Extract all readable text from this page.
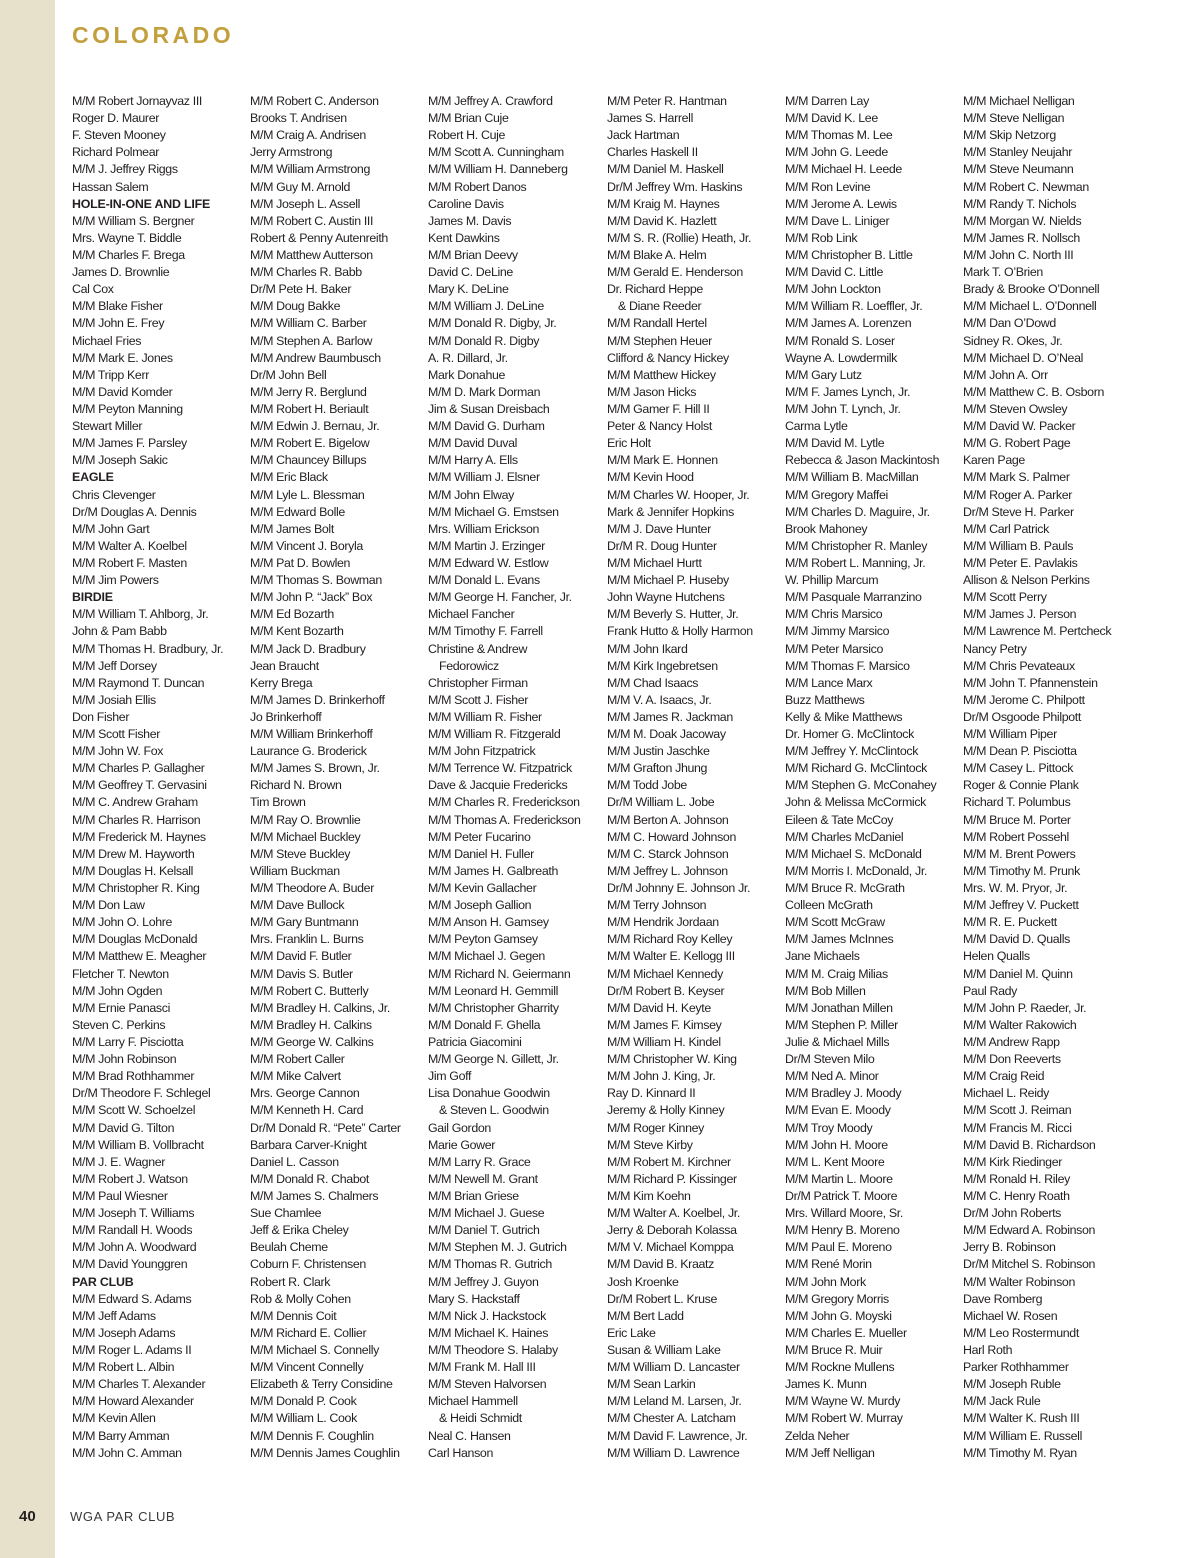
COLORADO
M/M Robert Jornayvaz III
Roger D. Maurer
F. Steven Mooney
Richard Polmear
M/M J. Jeffrey Riggs
Hassan Salem
HOLE-IN-ONE AND LIFE
M/M William S. Bergner
Mrs. Wayne T. Biddle
M/M Charles F. Brega
James D. Brownlie
Cal Cox
M/M Blake Fisher
M/M John E. Frey
Michael Fries
M/M Mark E. Jones
M/M Tripp Kerr
M/M David Komder
M/M Peyton Manning
Stewart Miller
M/M James F. Parsley
M/M Joseph Sakic
EAGLE
Chris Clevenger
Dr/M Douglas A. Dennis
M/M John Gart
M/M Walter A. Koelbel
M/M Robert F. Masten
M/M Jim Powers
BIRDIE
M/M William T. Ahlborg, Jr.
John & Pam Babb
M/M Thomas H. Bradbury, Jr.
M/M Jeff Dorsey
M/M Raymond T. Duncan
M/M Josiah Ellis
Don Fisher
M/M Scott Fisher
M/M John W. Fox
M/M Charles P. Gallagher
M/M Geoffrey T. Gervasini
M/M C. Andrew Graham
M/M Charles R. Harrison
M/M Frederick M. Haynes
M/M Drew M. Hayworth
M/M Douglas H. Kelsall
M/M Christopher R. King
M/M Don Law
M/M John O. Lohre
M/M Douglas McDonald
M/M Matthew E. Meagher
Fletcher T. Newton
M/M John Ogden
M/M Ernie Panasci
Steven C. Perkins
M/M Larry F. Pisciotta
M/M John Robinson
M/M Brad Rothhammer
Dr/M Theodore F. Schlegel
M/M Scott W. Schoelzel
M/M David G. Tilton
M/M William B. Vollbracht
M/M J. E. Wagner
M/M Robert J. Watson
M/M Paul Wiesner
M/M Joseph T. Williams
M/M Randall H. Woods
M/M John A. Woodward
M/M David Younggren
PAR CLUB
M/M Edward S. Adams
M/M Jeff Adams
M/M Joseph Adams
M/M Roger L. Adams II
M/M Robert L. Albin
M/M Charles T. Alexander
M/M Howard Alexander
M/M Kevin Allen
M/M Barry Amman
M/M John C. Amman
M/M Robert C. Anderson
Brooks T. Andrisen
M/M Craig A. Andrisen
Jerry Armstrong
M/M William Armstrong
M/M Guy M. Arnold
M/M Joseph L. Assell
M/M Robert C. Austin III
Robert & Penny Autenreith
M/M Matthew Autterson
M/M Charles R. Babb
Dr/M Pete H. Baker
M/M Doug Bakke
M/M William C. Barber
M/M Stephen A. Barlow
M/M Andrew Baumbusch
Dr/M John Bell
M/M Jerry R. Berglund
M/M Robert H. Beriault
M/M Edwin J. Bernau, Jr.
M/M Robert E. Bigelow
M/M Chauncey Billups
M/M Eric Black
M/M Lyle L. Blessman
M/M Edward Bolle
M/M James Bolt
M/M Vincent J. Boryla
M/M Pat D. Bowlen
M/M Thomas S. Bowman
M/M John P. “Jack” Box
M/M Ed Bozarth
M/M Kent Bozarth
M/M Jack D. Bradbury
Jean Braucht
Kerry Brega
M/M James D. Brinkerhoff
Jo Brinkerhoff
M/M William Brinkerhoff
Laurance G. Broderick
M/M James S. Brown, Jr.
Richard N. Brown
Tim Brown
M/M Ray O. Brownlie
M/M Michael Buckley
M/M Steve Buckley
William Buckman
M/M Theodore A. Buder
M/M Dave Bullock
M/M Gary Buntmann
Mrs. Franklin L. Burns
M/M David F. Butler
M/M Davis S. Butler
M/M Robert C. Butterly
M/M Bradley H. Calkins, Jr.
M/M Bradley H. Calkins
M/M George W. Calkins
M/M Robert Caller
M/M Mike Calvert
Mrs. George Cannon
M/M Kenneth H. Card
Dr/M Donald R. “Pete” Carter
Barbara Carver-Knight
Daniel L. Casson
M/M Donald R. Chabot
M/M James S. Chalmers
Sue Chamlee
Jeff & Erika Cheley
Beulah Cheme
Coburn F. Christensen
Robert R. Clark
Rob & Molly Cohen
M/M Dennis Coit
M/M Richard E. Collier
M/M Michael S. Connelly
M/M Vincent Connelly
Elizabeth & Terry Considine
M/M Donald P. Cook
M/M William L. Cook
M/M Dennis F. Coughlin
M/M Dennis James Coughlin
M/M Jeffrey A. Crawford
M/M Brian Cuje
Robert H. Cuje
M/M Scott A. Cunningham
M/M William H. Danneberg
M/M Robert Danos
Caroline Davis
James M. Davis
Kent Dawkins
M/M Brian Deevy
David C. DeLine
Mary K. DeLine
M/M William J. DeLine
M/M Donald R. Digby, Jr.
M/M Donald R. Digby
A. R. Dillard, Jr.
Mark Donahue
M/M D. Mark Dorman
Jim & Susan Dreisbach
M/M David G. Durham
M/M David Duval
M/M Harry A. Ells
M/M William J. Elsner
M/M John Elway
M/M Michael G. Emstsen
Mrs. William Erickson
M/M Martin J. Erzinger
M/M Edward W. Estlow
M/M Donald L. Evans
M/M George H. Fancher, Jr.
Michael Fancher
M/M Timothy F. Farrell
Christine & Andrew
Fedorowicz
Christopher Firman
M/M Scott J. Fisher
M/M William R. Fisher
M/M William R. Fitzgerald
M/M John Fitzpatrick
M/M Terrence W. Fitzpatrick
Dave & Jacquie Fredericks
M/M Charles R. Frederickson
M/M Thomas A. Frederickson
M/M Peter Fucarino
M/M Daniel H. Fuller
M/M James H. Galbreath
M/M Kevin Gallacher
M/M Joseph Gallion
M/M Anson H. Gamsey
M/M Peyton Gamsey
M/M Michael J. Gegen
M/M Richard N. Geiermann
M/M Leonard H. Gemmill
M/M Christopher Gharrity
M/M Donald F. Ghella
Patricia Giacomini
M/M George N. Gillett, Jr.
Jim Goff
Lisa Donahue Goodwin
& Steven L. Goodwin
Gail Gordon
Marie Gower
M/M Larry R. Grace
M/M Newell M. Grant
M/M Brian Griese
M/M Michael J. Guese
M/M Daniel T. Gutrich
M/M Stephen M. J. Gutrich
M/M Thomas R. Gutrich
M/M Jeffrey J. Guyon
Mary S. Hackstaff
M/M Nick J. Hackstock
M/M Michael K. Haines
M/M Theodore S. Halaby
M/M Frank M. Hall III
M/M Steven Halvorsen
Michael Hammell
& Heidi Schmidt
Neal C. Hansen
Carl Hanson
M/M Peter R. Hantman
James S. Harrell
Jack Hartman
Charles Haskell II
M/M Daniel M. Haskell
Dr/M Jeffrey Wm. Haskins
M/M Kraig M. Haynes
M/M David K. Hazlett
M/M S. R. (Rollie) Heath, Jr.
M/M Blake A. Helm
M/M Gerald E. Henderson
Dr. Richard Heppe
& Diane Reeder
M/M Randall Hertel
M/M Stephen Heuer
Clifford & Nancy Hickey
M/M Matthew Hickey
M/M Jason Hicks
M/M Gamer F. Hill II
Peter & Nancy Holst
Eric Holt
M/M Mark E. Honnen
M/M Kevin Hood
M/M Charles W. Hooper, Jr.
Mark & Jennifer Hopkins
M/M J. Dave Hunter
Dr/M R. Doug Hunter
M/M Michael Hurtt
M/M Michael P. Huseby
John Wayne Hutchens
M/M Beverly S. Hutter, Jr.
Frank Hutto & Holly Harmon
M/M John Ikard
M/M Kirk Ingebretsen
M/M Chad Isaacs
M/M V. A. Isaacs, Jr.
M/M James R. Jackman
M/M M. Doak Jacoway
M/M Justin Jaschke
M/M Grafton Jhung
M/M Todd Jobe
Dr/M William L. Jobe
M/M Berton A. Johnson
M/M C. Howard Johnson
M/M C. Starck Johnson
M/M Jeffrey L. Johnson
Dr/M Johnny E. Johnson Jr.
M/M Terry Johnson
M/M Hendrik Jordaan
M/M Richard Roy Kelley
M/M Walter E. Kellogg III
M/M Michael Kennedy
Dr/M Robert B. Keyser
M/M David H. Keyte
M/M James F. Kimsey
M/M William H. Kindel
M/M Christopher W. King
M/M John J. King, Jr.
Ray D. Kinnard II
Jeremy & Holly Kinney
M/M Roger Kinney
M/M Steve Kirby
M/M Robert M. Kirchner
M/M Richard P. Kissinger
M/M Kim Koehn
M/M Walter A. Koelbel, Jr.
Jerry & Deborah Kolassa
M/M V. Michael Komppa
M/M David B. Kraatz
Josh Kroenke
Dr/M Robert L. Kruse
M/M Bert Ladd
Eric Lake
Susan & William Lake
M/M William D. Lancaster
M/M Sean Larkin
M/M Leland M. Larsen, Jr.
M/M Chester A. Latcham
M/M David F. Lawrence, Jr.
M/M William D. Lawrence
M/M Darren Lay
M/M David K. Lee
M/M Thomas M. Lee
M/M John G. Leede
M/M Michael H. Leede
M/M Ron Levine
M/M Jerome A. Lewis
M/M Dave L. Liniger
M/M Rob Link
M/M Christopher B. Little
M/M David C. Little
M/M John Lockton
M/M William R. Loeffler, Jr.
M/M James A. Lorenzen
M/M Ronald S. Loser
Wayne A. Lowdermilk
M/M Gary Lutz
M/M F. James Lynch, Jr.
M/M John T. Lynch, Jr.
Carma Lytle
M/M David M. Lytle
Rebecca & Jason Mackintosh
M/M William B. MacMillan
M/M Gregory Maffei
M/M Charles D. Maguire, Jr.
Brook Mahoney
M/M Christopher R. Manley
M/M Robert L. Manning, Jr.
W. Phillip Marcum
M/M Pasquale Marranzino
M/M Chris Marsico
M/M Jimmy Marsico
M/M Peter Marsico
M/M Thomas F. Marsico
M/M Lance Marx
Buzz Matthews
Kelly & Mike Matthews
Dr. Homer G. McClintock
M/M Jeffrey Y. McClintock
M/M Richard G. McClintock
M/M Stephen G. McConahey
John & Melissa McCormick
Eileen & Tate McCoy
M/M Charles McDaniel
M/M Michael S. McDonald
M/M Morris I. McDonald, Jr.
M/M Bruce R. McGrath
Colleen McGrath
M/M Scott McGraw
M/M James McInnes
Jane Michaels
M/M M. Craig Milias
M/M Bob Millen
M/M Jonathan Millen
M/M Stephen P. Miller
Julie & Michael Mills
Dr/M Steven Milo
M/M Ned A. Minor
M/M Bradley J. Moody
M/M Evan E. Moody
M/M Troy Moody
M/M John H. Moore
M/M L. Kent Moore
M/M Martin L. Moore
Dr/M Patrick T. Moore
Mrs. Willard Moore, Sr.
M/M Henry B. Moreno
M/M Paul E. Moreno
M/M René Morin
M/M John Mork
M/M Gregory Morris
M/M John G. Moyski
M/M Charles E. Mueller
M/M Bruce R. Muir
M/M Rockne Mullens
James K. Munn
M/M Wayne W. Murdy
M/M Robert W. Murray
Zelda Neher
M/M Jeff Nelligan
M/M Michael Nelligan
M/M Steve Nelligan
M/M Skip Netzorg
M/M Stanley Neujahr
M/M Steve Neumann
M/M Robert C. Newman
M/M Randy T. Nichols
M/M Morgan W. Nields
M/M James R. Nollsch
M/M John C. North III
Mark T. O’Brien
Brady & Brooke O’Donnell
M/M Michael L. O’Donnell
M/M Dan O’Dowd
Sidney R. Okes, Jr.
M/M Michael D. O’Neal
M/M John A. Orr
M/M Matthew C. B. Osborn
M/M Steven Owsley
M/M David W. Packer
M/M G. Robert Page
Karen Page
M/M Mark S. Palmer
M/M Roger A. Parker
Dr/M Steve H. Parker
M/M Carl Patrick
M/M William B. Pauls
M/M Peter E. Pavlakis
Allison & Nelson Perkins
M/M Scott Perry
M/M James J. Person
M/M Lawrence M. Pertcheck
Nancy Petry
M/M Chris Pevateaux
M/M John T. Pfannenstein
M/M Jerome C. Philpott
Dr/M Osgoode Philpott
M/M William Piper
M/M Dean P. Pisciotta
M/M Casey L. Pittock
Roger & Connie Plank
Richard T. Polumbus
M/M Bruce M. Porter
M/M Robert Possehl
M/M M. Brent Powers
M/M Timothy M. Prunk
Mrs. W. M. Pryor, Jr.
M/M Jeffrey V. Puckett
M/M R. E. Puckett
M/M David D. Qualls
Helen Qualls
M/M Daniel M. Quinn
Paul Rady
M/M John P. Raeder, Jr.
M/M Walter Rakowich
M/M Andrew Rapp
M/M Don Reeverts
M/M Craig Reid
Michael L. Reidy
M/M Scott J. Reiman
M/M Francis M. Ricci
M/M David B. Richardson
M/M Kirk Riedinger
M/M Ronald H. Riley
M/M C. Henry Roath
Dr/M John Roberts
M/M Edward A. Robinson
Jerry B. Robinson
Dr/M Mitchel S. Robinson
M/M Walter Robinson
Dave Romberg
Michael W. Rosen
M/M Leo Rostermundt
Harl Roth
Parker Rothhammer
M/M Joseph Ruble
M/M Jack Rule
M/M Walter K. Rush III
M/M William E. Russell
M/M Timothy M. Ryan
40	WGA PAR CLUB
